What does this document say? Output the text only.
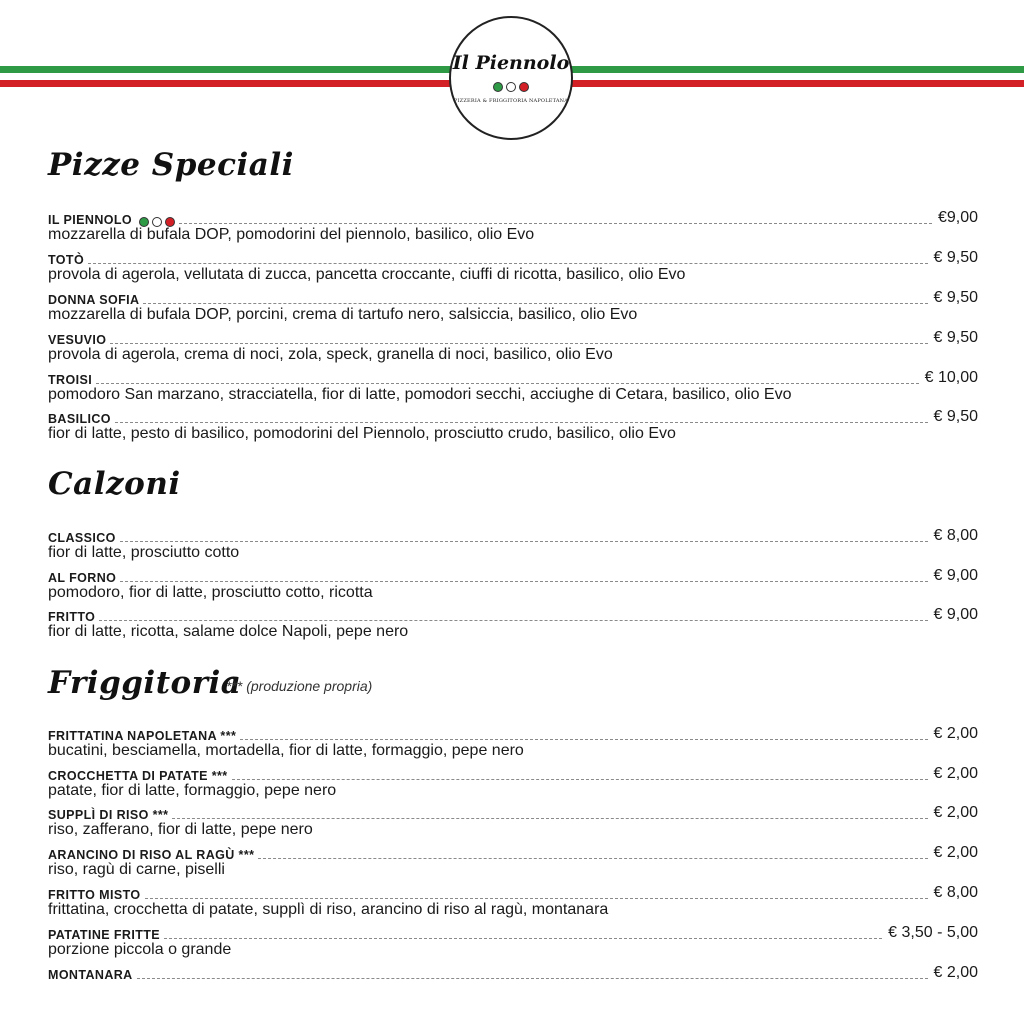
Il Piennolo
PIZZERIA & FRIGGITORIA NAPOLETANA
Pizze Speciali
IL PIENNOLO	€9,00
mozzarella di bufala DOP, pomodorini del piennolo, basilico, olio Evo
TOTÒ	€ 9,50
provola di agerola, vellutata di zucca, pancetta croccante, ciuffi di ricotta, basilico, olio Evo
DONNA SOFIA	€ 9,50
mozzarella di bufala DOP, porcini, crema di tartufo nero, salsiccia, basilico, olio Evo
VESUVIO	€ 9,50
provola di agerola, crema di noci, zola, speck, granella di noci, basilico, olio Evo
TROISI	€ 10,00
pomodoro San marzano, stracciatella, fior di latte, pomodori secchi, acciughe di Cetara, basilico, olio Evo
BASILICO	€ 9,50
fior di latte, pesto di basilico, pomodorini del Piennolo, prosciutto crudo, basilico, olio Evo
Calzoni
CLASSICO	€ 8,00
fior di latte, prosciutto cotto
AL FORNO	€ 9,00
pomodoro, fior di latte, prosciutto cotto, ricotta
FRITTO	€ 9,00
fior di latte, ricotta, salame dolce Napoli, pepe nero
Friggitoria
*** (produzione propria)
FRITTATINA NAPOLETANA ***	€ 2,00
bucatini, besciamella, mortadella, fior di latte, formaggio, pepe nero
CROCCHETTA DI PATATE ***	€ 2,00
patate, fior di latte, formaggio, pepe nero
SUPPLÌ DI RISO ***	€ 2,00
riso, zafferano, fior di latte, pepe nero
ARANCINO DI RISO AL RAGÙ ***	€ 2,00
riso, ragù di carne, piselli
FRITTO MISTO	€ 8,00
frittatina, crocchetta di patate, supplì di riso, arancino di riso al ragù, montanara
PATATINE FRITTE	€ 3,50 - 5,00
porzione piccola o grande
MONTANARA	€ 2,00
